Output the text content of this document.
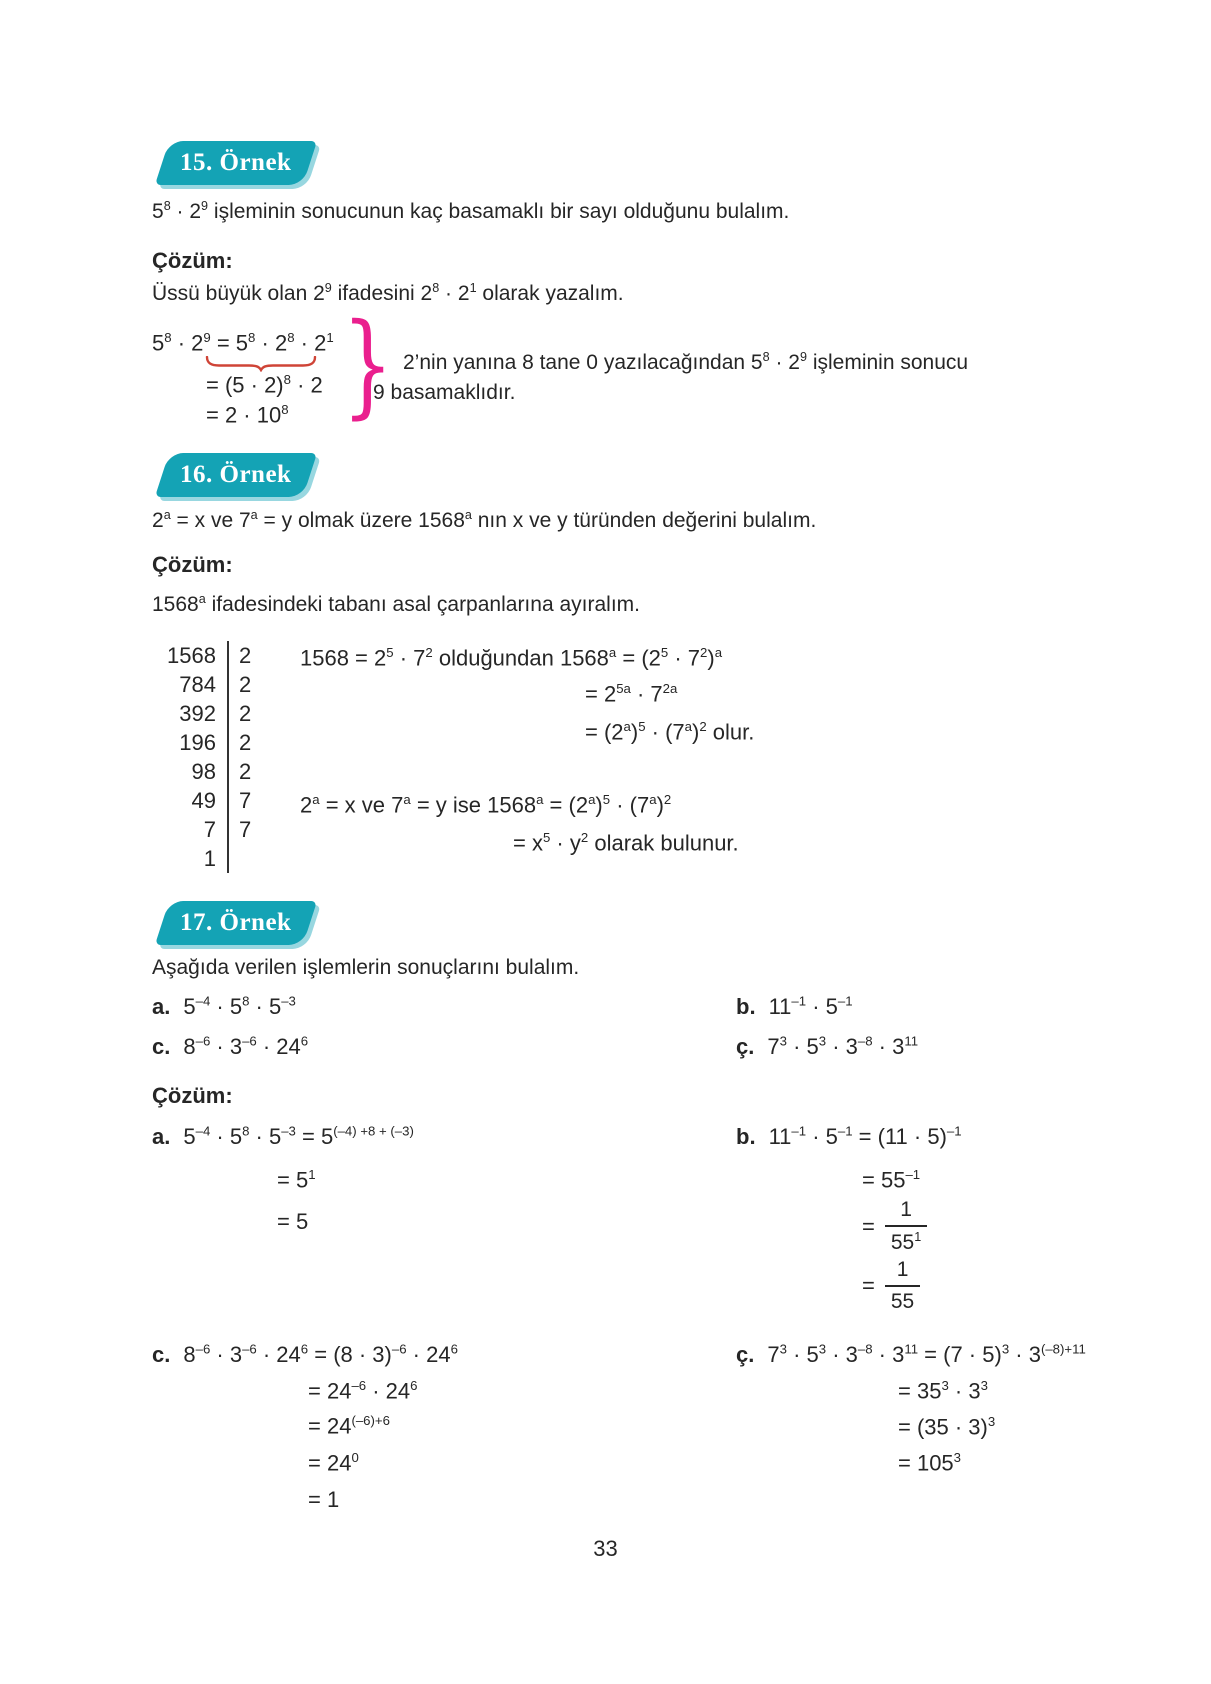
15. Örnek
$5^8 \cdot 2^9$ işleminin sonucunun kaç basamaklı bir sayı olduğunu bulalım.
Çözüm:
Üssü büyük olan $2^9$ ifadesini $2^8 \cdot 2^1$ olarak yazalım.
$5^8 \cdot 2^9 = 5^8 \cdot 2^8 \cdot 2^1$
= $(5 \cdot 2)^8 \cdot 2$
= $2 \cdot 10^8$ } 2’nin yanına 8 tane 0 yazılacağından $5^8 \cdot 2^9$ işleminin sonucu
9 basamaklıdır.
16. Örnek
$2^a = x$ ve $7^a = y$ olmak üzere 1568$^a$ nın x ve y türünden değerini bulalım.
Çözüm:
1568$^a$ ifadesindeki tabanı asal çarpanlarına ayıralım.
1568	2
784	2
392	2
196	2
98	2
49	7
7	7
1
$1568 = 2^5 \cdot 7^2$ olduğundan $1568^a = (2^5 \cdot 7^2)^a$
= $2^{5a} \cdot 7^{2a}$
= $(2^a)^5 \cdot (7^a)^2$ olur.
$2^a = x$ ve $7^a = y$ ise $1568^a = (2^a)^5 \cdot (7^a)^2$
= $x^5 \cdot y^2$ olarak bulunur.
17. Örnek
Aşağıda verilen işlemlerin sonuçlarını bulalım.
a. $5^{-4} \cdot 5^8 \cdot 5^{-3}$	b. $11^{-1} \cdot 5^{-1}$
c. $8^{-6} \cdot 3^{-6} \cdot 24^6$	ç. $7^3 \cdot 5^3 \cdot 3^{-8} \cdot 3^{11}$
Çözüm:
a. $5^{-4} \cdot 5^8 \cdot 5^{-3} = 5^{(-4) +8 + (-3)}$
= $5^1$
= 5
b. $11^{-1} \cdot 5^{-1} = (11 \cdot 5)^{-1}$
= $55^{-1}$
= $\frac{1}{55^1}$
= $\frac{1}{55}$
c. $8^{-6} \cdot 3^{-6} \cdot 24^6 = (8 \cdot 3)^{-6} \cdot 24^6$
= $24^{-6} \cdot 24^6$
= $24^{(-6)+6}$
= $24^0$
= 1
ç. $7^3 \cdot 5^3 \cdot 3^{-8} \cdot 3^{11} = (7 \cdot 5)^3 \cdot 3^{(-8)+11}$
= $35^3 \cdot 3^3$
= $(35 \cdot 3)^3$
= $105^3$
33
